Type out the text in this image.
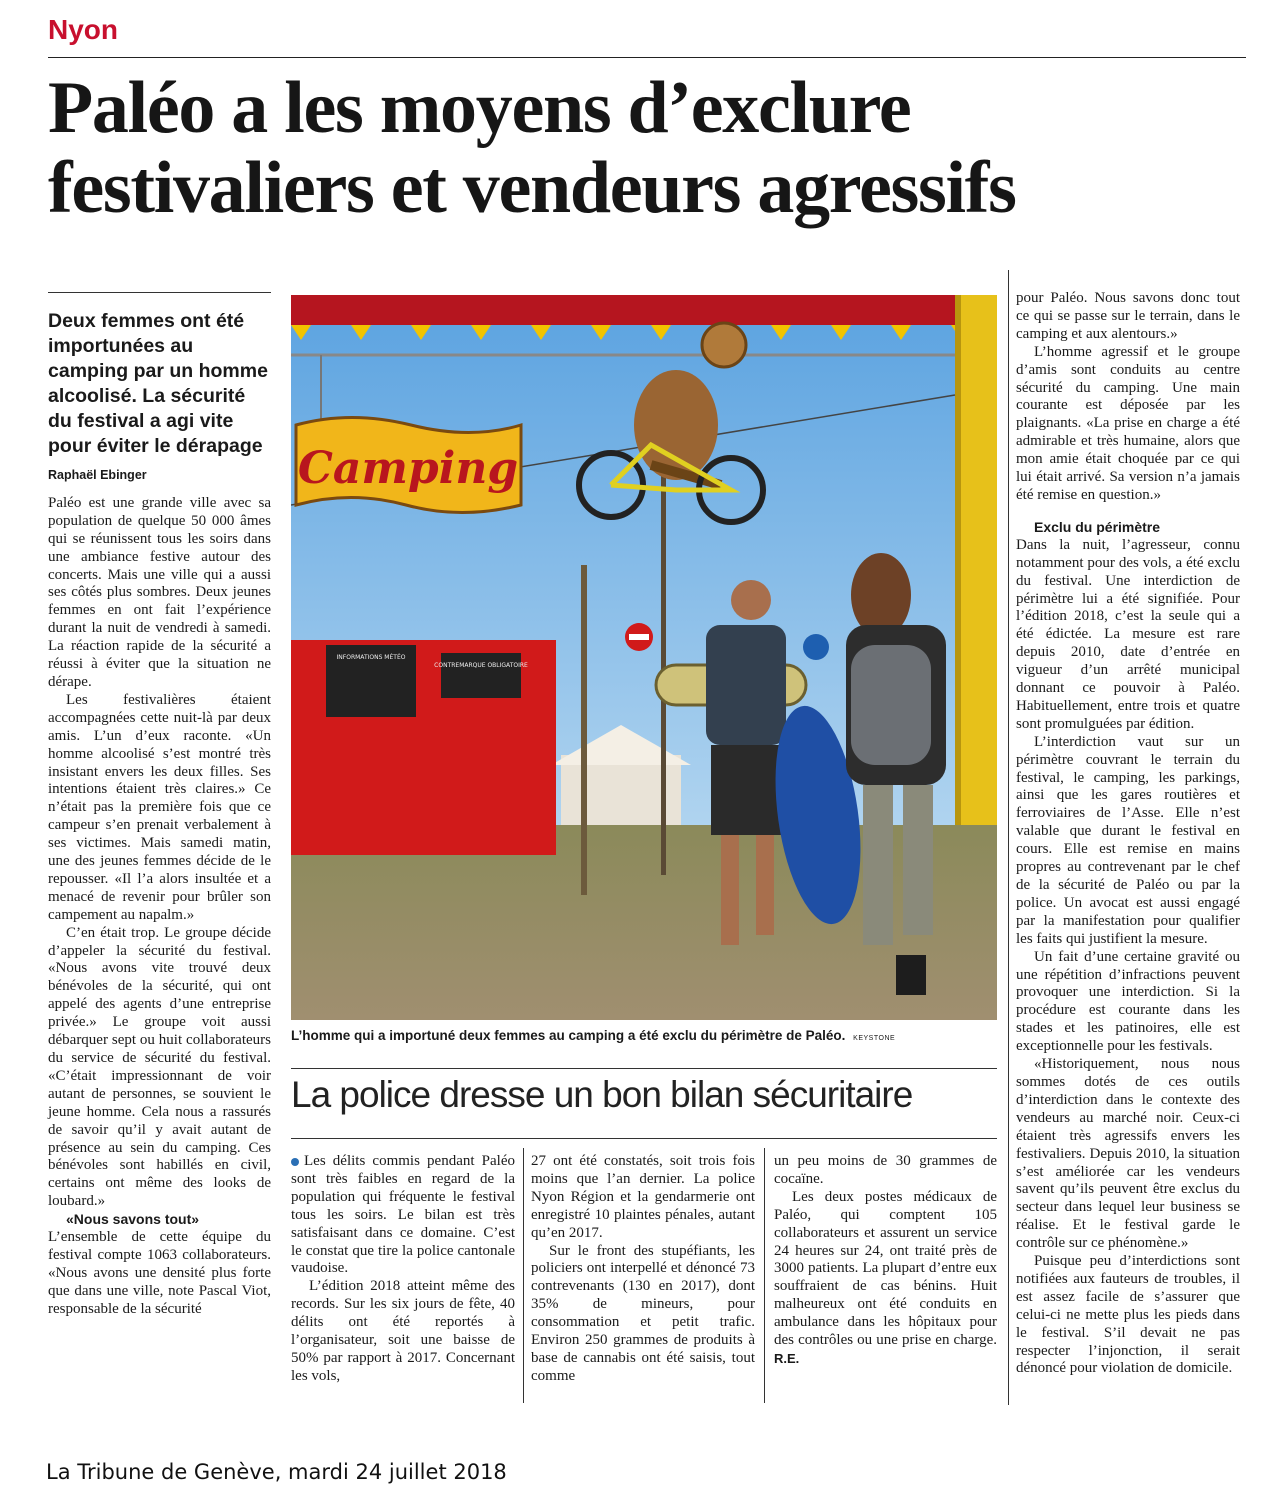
Nyon
Paléo a les moyens d’exclure
festivaliers et vendeurs agressifs
Deux femmes ont été importunées au camping par un homme alcoolisé. La sécurité du festival a agi vite pour éviter le dérapage
Raphaël Ebinger

Paléo est une grande ville avec sa population de quelque 50 000 âmes qui se réunissent tous les soirs dans une ambiance festive autour des concerts. Mais une ville qui a aussi ses côtés plus sombres. Deux jeunes femmes en ont fait l’expérience durant la nuit de vendredi à samedi. La réaction rapide de la sécurité a réussi à éviter que la situation ne dérape.

Les festivalières étaient accompagnées cette nuit-là par deux amis. L’un d’eux raconte. «Un homme alcoolisé s’est montré très insistant envers les deux filles. Ses intentions étaient très claires.» Ce n’était pas la première fois que ce campeur s’en prenait verbalement à ses victimes. Mais samedi matin, une des jeunes femmes décide de le repousser. «Il l’a alors insultée et a menacé de revenir pour brûler son campement au napalm.»

C’en était trop. Le groupe décide d’appeler la sécurité du festival. «Nous avons vite trouvé deux bénévoles de la sécurité, qui ont appelé des agents d’une entreprise privée.» Le groupe voit aussi débarquer sept ou huit collaborateurs du service de sécurité du festival. «C’était impressionnant de voir autant de personnes, se souvient le jeune homme. Cela nous a rassurés de savoir qu’il y avait autant de présence au sein du camping. Ces bénévoles sont habillés en civil, certains ont même des looks de loubard.»

«Nous savons tout»

L’ensemble de cette équipe du festival compte 1063 collaborateurs. «Nous avons une densité plus forte que dans une ville, note Pascal Viot, responsable de la sécurité

Camping
INFORMATIONS MÉTÉO
CONTREMARQUE OBLIGATOIRE
L’homme qui a importuné deux femmes au camping a été exclu du périmètre de Paléo. KEYSTONE
La police dresse un bon bilan sécuritaire

Les délits commis pendant Paléo sont très faibles en regard de la population qui fréquente le festival tous les soirs. Le bilan est très satisfaisant dans ce domaine. C’est le constat que tire la police cantonale vaudoise.

L’édition 2018 atteint même des records. Sur les six jours de fête, 40 délits ont été reportés à l’organisateur, soit une baisse de 50% par rapport à 2017. Concernant les vols,

27 ont été constatés, soit trois fois moins que l’an dernier. La police Nyon Région et la gendarmerie ont enregistré 10 plaintes pénales, autant qu’en 2017.

Sur le front des stupéfiants, les policiers ont interpellé et dénoncé 73 contrevenants (130 en 2017), dont 35% de mineurs, pour consommation et petit trafic. Environ 250 grammes de produits à base de cannabis ont été saisis, tout comme

un peu moins de 30 grammes de cocaïne.

Les deux postes médicaux de Paléo, qui comptent 105 collaborateurs et assurent un service 24 heures sur 24, ont traité près de 3000 patients. La plupart d’entre eux souffraient de cas bénins. Huit malheureux ont été conduits en ambulance dans les hôpitaux pour des contrôles ou une prise en charge. R.E.

pour Paléo. Nous savons donc tout ce qui se passe sur le terrain, dans le camping et aux alentours.»

L’homme agressif et le groupe d’amis sont conduits au centre sécurité du camping. Une main courante est déposée par les plaignants. «La prise en charge a été admirable et très humaine, alors que mon amie était choquée par ce qui lui était arrivé. Sa version n’a jamais été remise en question.»

Exclu du périmètre

Dans la nuit, l’agresseur, connu notamment pour des vols, a été exclu du festival. Une interdiction de périmètre lui a été signifiée. Pour l’édition 2018, c’est la seule qui a été édictée. La mesure est rare depuis 2010, date d’entrée en vigueur d’un arrêté municipal donnant ce pouvoir à Paléo. Habituellement, entre trois et quatre sont promulguées par édition.

L’interdiction vaut sur un périmètre couvrant le terrain du festival, le camping, les parkings, ainsi que les gares routières et ferroviaires de l’Asse. Elle n’est valable que durant le festival en cours. Elle est remise en mains propres au contrevenant par le chef de la sécurité de Paléo ou par la police. Un avocat est aussi engagé par la manifestation pour qualifier les faits qui justifient la mesure.

Un fait d’une certaine gravité ou une répétition d’infractions peuvent provoquer une interdiction. Si la procédure est courante dans les stades et les patinoires, elle est exceptionnelle pour les festivals.

«Historiquement, nous nous sommes dotés de ces outils d’interdiction dans le contexte des vendeurs au marché noir. Ceux-ci étaient très agressifs envers les festivaliers. Depuis 2010, la situation s’est améliorée car les vendeurs savent qu’ils peuvent être exclus du secteur dans lequel leur business se réalise. Et le festival garde le contrôle sur ce phénomène.»

Puisque peu d’interdictions sont notifiées aux fauteurs de troubles, il est assez facile de s’assurer que celui-ci ne mette plus les pieds dans le festival. S’il devait ne pas respecter l’injonction, il serait dénoncé pour violation de domicile.

La Tribune de Genève, mardi 24 juillet 2018
